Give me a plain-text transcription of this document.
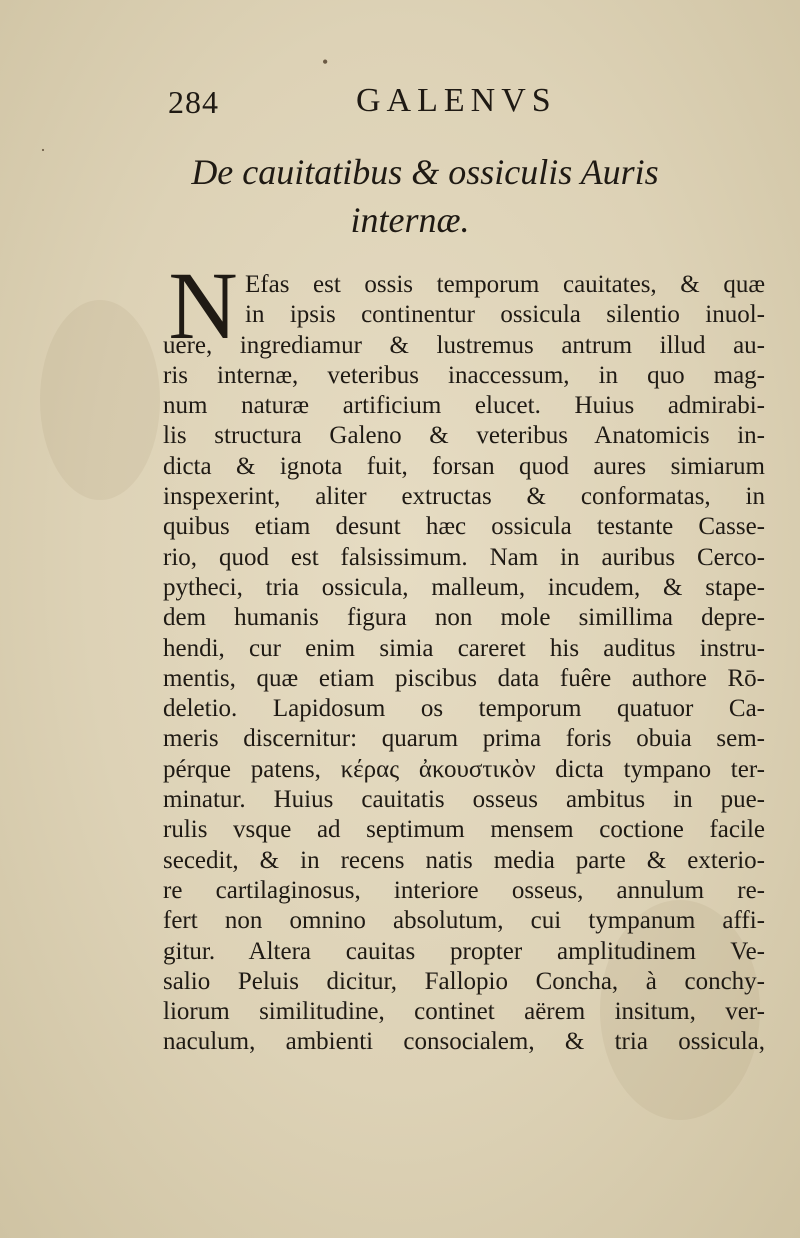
•
·
284	GALENVS
De cauitatibus & ossiculis Auris
internæ.
N Efas est ossis temporum cauitates, & quæ
in ipsis continentur ossicula silentio inuol-
uere, ingrediamur & lustremus antrum illud au-
ris internæ, veteribus inaccessum, in quo mag-
num naturæ artificium elucet. Huius admirabi-
lis structura Galeno & veteribus Anatomicis in-
dicta & ignota fuit, forsan quod aures simiarum
inspexerint, aliter extructas & conformatas, in
quibus etiam desunt hæc ossicula testante Casse-
rio, quod est falsissimum. Nam in auribus Cerco-
pytheci, tria ossicula, malleum, incudem, & stape-
dem humanis figura non mole simillima depre-
hendi, cur enim simia careret his auditus instru-
mentis, quæ etiam piscibus data fuêre authore Rō-
deletio. Lapidosum os temporum quatuor Ca-
meris discernitur: quarum prima foris obuia sem-
pérque patens, κέρας ἀκουστικὸν dicta tympano ter-
minatur. Huius cauitatis osseus ambitus in pue-
rulis vsque ad septimum mensem coctione facile
secedit, & in recens natis media parte & exterio-
re cartilaginosus, interiore osseus, annulum re-
fert non omnino absolutum, cui tympanum affi-
gitur. Altera cauitas propter amplitudinem Ve-
salio Peluis dicitur, Fallopio Concha, à conchy-
liorum similitudine, continet aërem insitum, ver-
naculum, ambienti consocialem, & tria ossicula,
